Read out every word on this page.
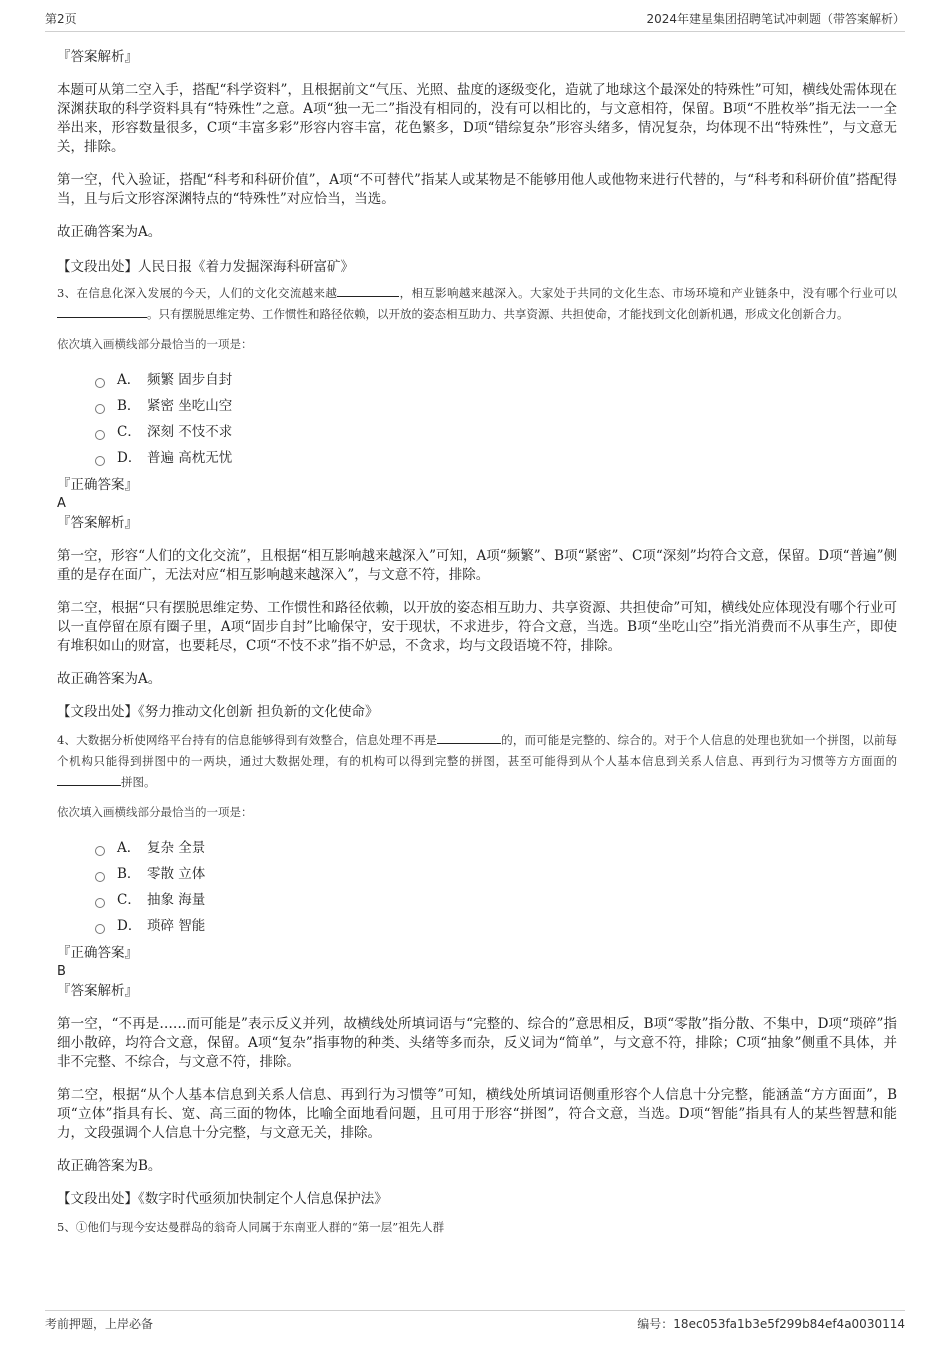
第2页	2024年建星集团招聘笔试冲刺题（带答案解析）

『答案解析』

本题可从第二空入手，搭配“科学资料”，且根据前文“气压、光照、盐度的逐级变化，造就了地球这个最深处的特殊性”可知，横线处需体现在深渊获取的科学资料具有“特殊性”之意。A项“独一无二”指没有相同的，没有可以相比的，与文意相符，保留。B项“不胜枚举”指无法一一全举出来，形容数量很多，C项“丰富多彩”形容内容丰富，花色繁多，D项“错综复杂”形容头绪多，情况复杂，均体现不出“特殊性”，与文意无关，排除。

第一空，代入验证，搭配“科考和科研价值”，A项“不可替代”指某人或某物是不能够用他人或他物来进行代替的，与“科考和科研价值”搭配得当，且与后文形容深渊特点的“特殊性”对应恰当，当选。

故正确答案为A。

【文段出处】人民日报《着力发掘深海科研富矿》

3、在信息化深入发展的今天，人们的文化交流越来越	，相互影响越来越深入。大家处于共同的文化生态、市场环境和产业链条中，没有哪个行业可以。只有摆脱思维定势、工作惯性和路径依赖，以开放的姿态相互助力、共享资源、共担使命，才能找到文化创新机遇，形成文化创新合力。

依次填入画横线部分最恰当的一项是：

A． 频繁 固步自封
B． 紧密 坐吃山空
C． 深刻 不忮不求
D． 普遍 高枕无忧

『正确答案』

A

『答案解析』

第一空，形容“人们的文化交流”，且根据“相互影响越来越深入”可知，A项“频繁”、B项“紧密”、C项“深刻”均符合文意，保留。D项“普遍”侧重的是存在面广，无法对应“相互影响越来越深入”，与文意不符，排除。

第二空，根据“只有摆脱思维定势、工作惯性和路径依赖，以开放的姿态相互助力、共享资源、共担使命”可知，横线处应体现没有哪个行业可以一直停留在原有圈子里，A项“固步自封”比喻保守，安于现状，不求进步，符合文意，当选。B项“坐吃山空”指光消费而不从事生产，即使有堆积如山的财富，也要耗尽，C项“不忮不求”指不妒忌，不贪求，均与文段语境不符，排除。

故正确答案为A。

【文段出处】《努力推动文化创新 担负新的文化使命》

4、大数据分析使网络平台持有的信息能够得到有效整合，信息处理不再是	的，而可能是完整的、综合的。对于个人信息的处理也犹如一个拼图，以前每个机构只能得到拼图中的一两块，通过大数据处理，有的机构可以得到完整的拼图，甚至可能得到从个人基本信息到关系人信息、再到行为习惯等方方面面的拼图。

依次填入画横线部分最恰当的一项是：

A． 复杂 全景
B． 零散 立体
C． 抽象 海量
D． 琐碎 智能

『正确答案』

B

『答案解析』

第一空，“不再是……而可能是”表示反义并列，故横线处所填词语与“完整的、综合的”意思相反，B项“零散”指分散、不集中，D项“琐碎”指细小散碎，均符合文意，保留。A项“复杂”指事物的种类、头绪等多而杂，反义词为“简单”，与文意不符，排除；C项“抽象”侧重不具体，并非不完整、不综合，与文意不符，排除。

第二空，根据“从个人基本信息到关系人信息、再到行为习惯等”可知，横线处所填词语侧重形容个人信息十分完整，能涵盖“方方面面”，B项“立体”指具有长、宽、高三面的物体，比喻全面地看问题，且可用于形容“拼图”，符合文意，当选。D项“智能”指具有人的某些智慧和能力，文段强调个人信息十分完整，与文意无关，排除。

故正确答案为B。

【文段出处】《数字时代亟须加快制定个人信息保护法》

5、①他们与现今安达曼群岛的翁奇人同属于东南亚人群的“第一层”祖先人群

考前押题，上岸必备	编号：18ec053fa1b3e5f299b84ef4a0030114
